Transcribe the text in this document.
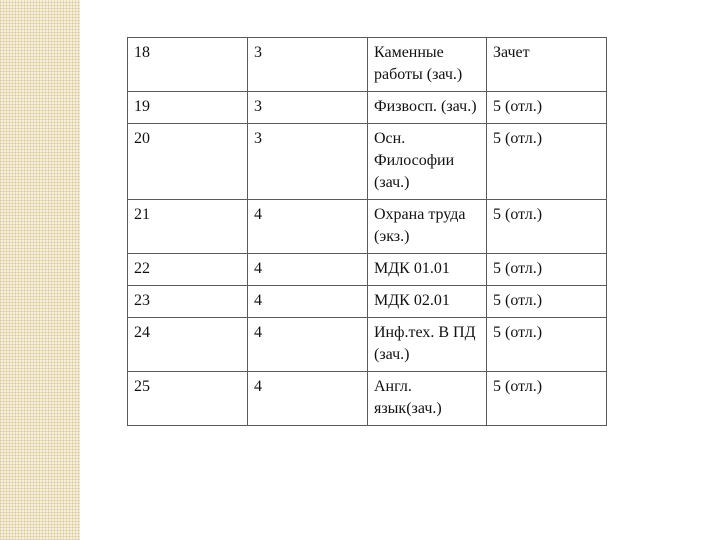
18	3	Каменные работы (зач.)	Зачет
19	3	Физвосп. (зач.)	5 (отл.)
20	3	Осн. Философии (зач.)	5 (отл.)
21	4	Охрана труда (экз.)	5 (отл.)
22	4	МДК 01.01	5 (отл.)
23	4	МДК 02.01	5 (отл.)
24	4	Инф.тех. В ПД (зач.)	5 (отл.)
25	4	Англ. язык(зач.)	5 (отл.)
